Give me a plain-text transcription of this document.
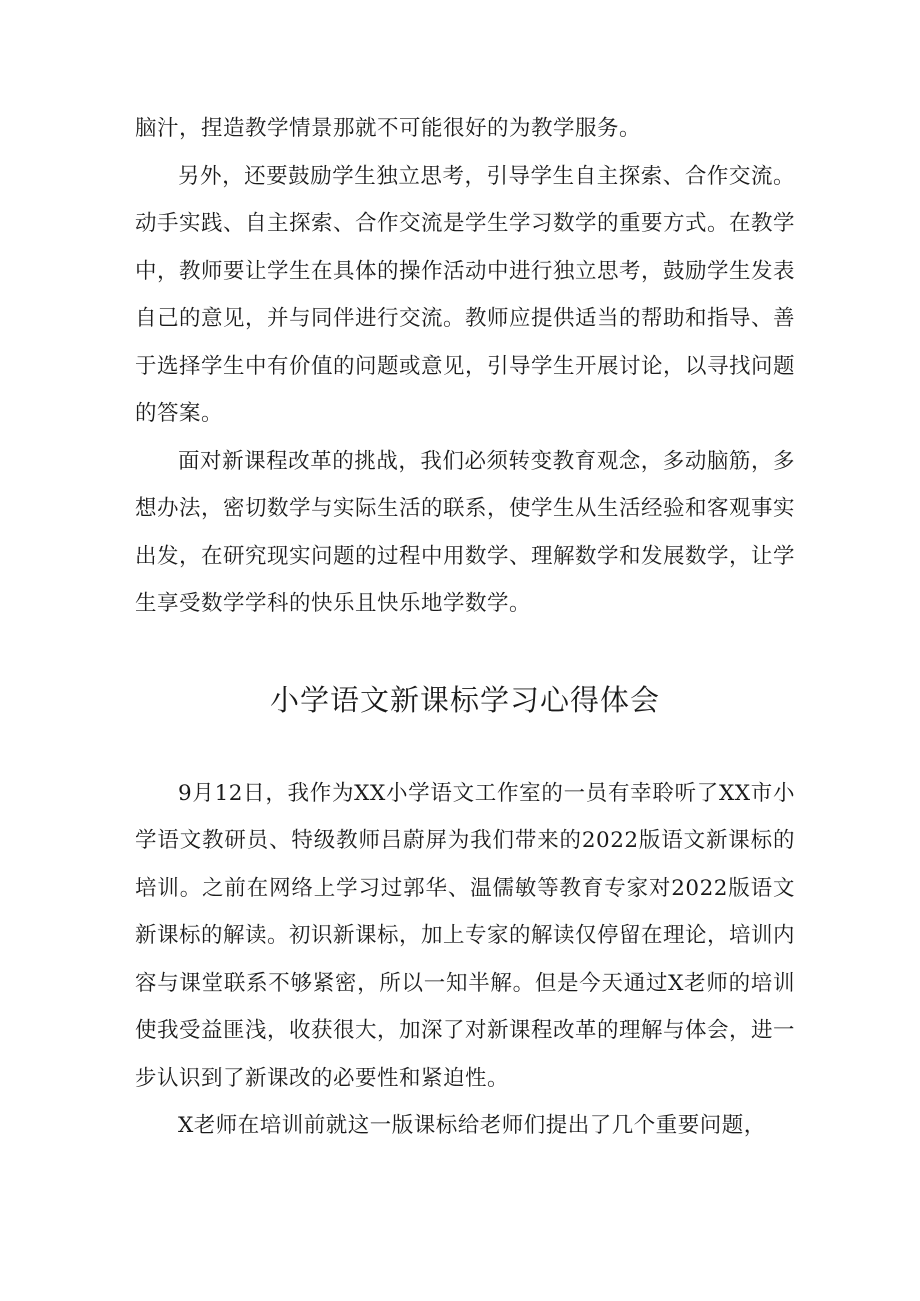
脑汁，捏造教学情景那就不可能很好的为教学服务。

另外，还要鼓励学生独立思考，引导学生自主探索、合作交流。动手实践、自主探索、合作交流是学生学习数学的重要方式。在教学中，教师要让学生在具体的操作活动中进行独立思考，鼓励学生发表自己的意见，并与同伴进行交流。教师应提供适当的帮助和指导、善于选择学生中有价值的问题或意见，引导学生开展讨论，以寻找问题的答案。

面对新课程改革的挑战，我们必须转变教育观念，多动脑筋，多想办法，密切数学与实际生活的联系，使学生从生活经验和客观事实出发，在研究现实问题的过程中用数学、理解数学和发展数学，让学生享受数学学科的快乐且快乐地学数学。

小学语文新课标学习心得体会

9月12日，我作为XX小学语文工作室的一员有幸聆听了XX市小学语文教研员、特级教师吕蔚屏为我们带来的2022版语文新课标的培训。之前在网络上学习过郭华、温儒敏等教育专家对2022版语文新课标的解读。初识新课标，加上专家的解读仅停留在理论，培训内容与课堂联系不够紧密，所以一知半解。但是今天通过X老师的培训使我受益匪浅，收获很大，加深了对新课程改革的理解与体会，进一步认识到了新课改的必要性和紧迫性。

X老师在培训前就这一版课标给老师们提出了几个重要问题，
